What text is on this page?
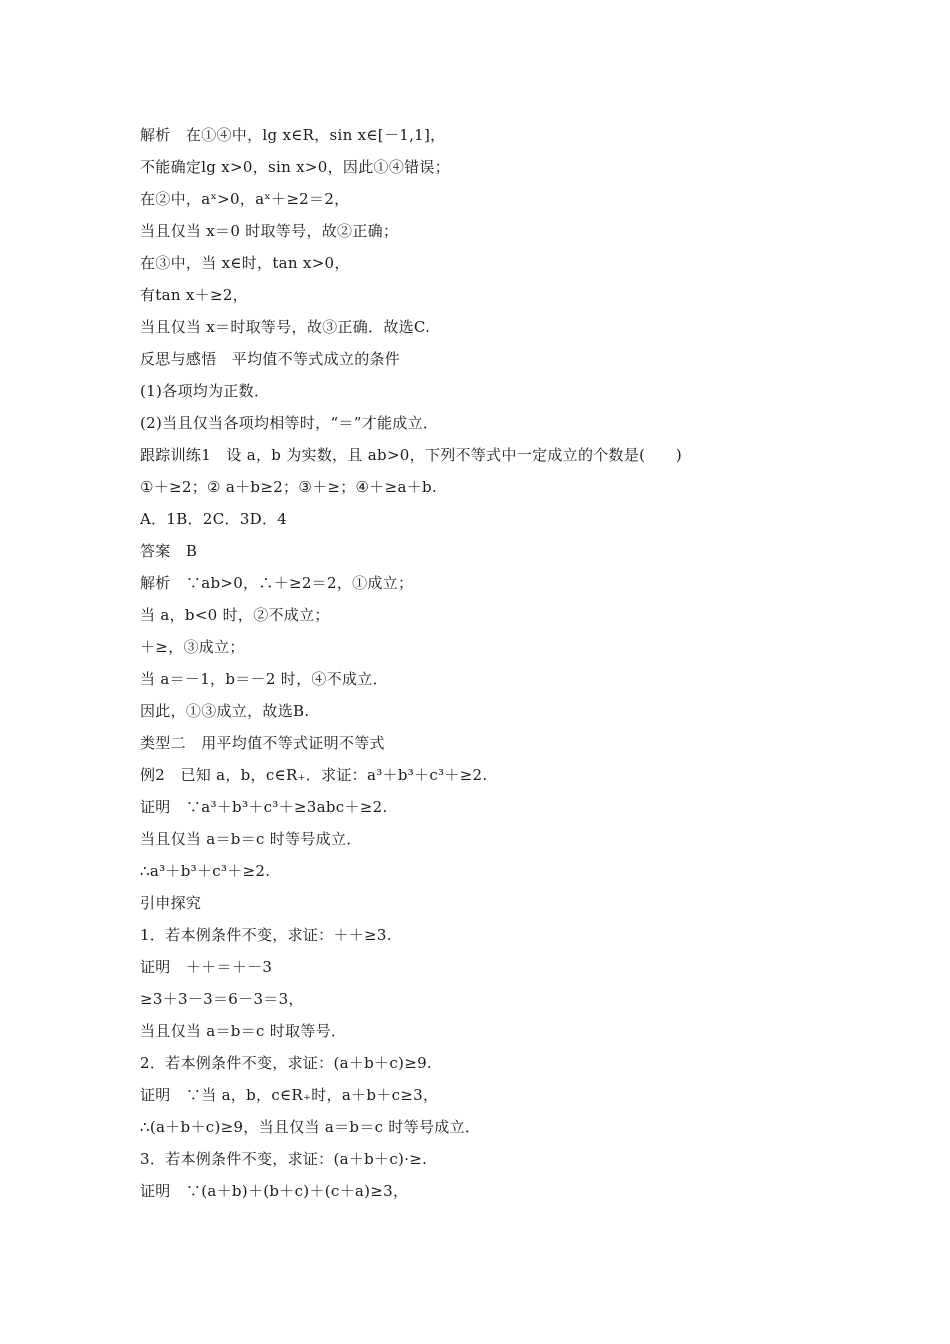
解析　在①④中，lg x∈R，sin x∈[－1,1]，
不能确定lg x>0，sin x>0，因此①④错误；
在②中，aˣ>0，aˣ＋≥2＝2，
当且仅当 x＝0 时取等号，故②正确；
在③中，当 x∈时，tan x>0，
有tan x＋≥2，
当且仅当 x＝时取等号，故③正确．故选C.
反思与感悟　平均值不等式成立的条件
(1)各项均为正数．
(2)当且仅当各项均相等时，“＝”才能成立．
跟踪训练1　设 a，b 为实数，且 ab>0，下列不等式中一定成立的个数是(　　)
①＋≥2；② a＋b≥2；③＋≥；④＋≥a＋b.
A．1B．2C．3D．4
答案　B
解析　∵ab>0，∴＋≥2＝2，①成立；
当 a，b<0 时，②不成立；
＋≥，③成立；
当 a＝－1，b＝－2 时，④不成立．
因此，①③成立，故选B.
类型二　用平均值不等式证明不等式
例2　已知 a，b，c∈R₊．求证：a³＋b³＋c³＋≥2.
证明　∵a³＋b³＋c³＋≥3abc＋≥2.
当且仅当 a＝b＝c 时等号成立．
∴a³＋b³＋c³＋≥2.
引申探究
1．若本例条件不变，求证：＋＋≥3.
证明　＋＋＝＋－3
≥3＋3－3＝6－3＝3，
当且仅当 a＝b＝c 时取等号．
2．若本例条件不变，求证：(a＋b＋c)≥9.
证明　∵当 a，b，c∈R₊时，a＋b＋c≥3，
∴(a＋b＋c)≥9，当且仅当 a＝b＝c 时等号成立．
3．若本例条件不变，求证：(a＋b＋c)·≥.
证明　∵(a＋b)＋(b＋c)＋(c＋a)≥3，
